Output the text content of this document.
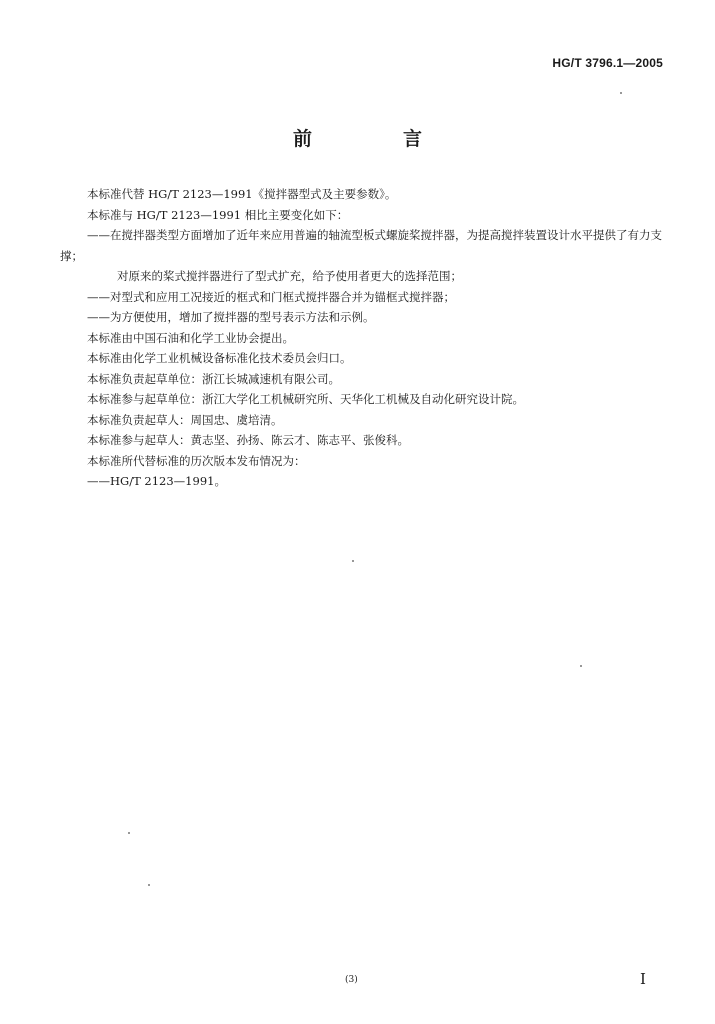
HG/T 3796.1—2005
前　言

本标准代替 HG/T 2123—1991《搅拌器型式及主要参数》。

本标准与 HG/T 2123—1991 相比主要变化如下：

——在搅拌器类型方面增加了近年来应用普遍的轴流型板式螺旋桨搅拌器，为提高搅拌装置设计水平提供了有力支撑；

对原来的桨式搅拌器进行了型式扩充，给予使用者更大的选择范围；

——对型式和应用工况接近的框式和门框式搅拌器合并为锚框式搅拌器；

——为方便使用，增加了搅拌器的型号表示方法和示例。

本标准由中国石油和化学工业协会提出。

本标准由化学工业机械设备标准化技术委员会归口。

本标准负责起草单位：浙江长城减速机有限公司。

本标准参与起草单位：浙江大学化工机械研究所、天华化工机械及自动化研究设计院。

本标准负责起草人：周国忠、虞培清。

本标准参与起草人：黄志坚、孙扬、陈云才、陈志平、张俊科。

本标准所代替标准的历次版本发布情况为：

——HG/T 2123—1991。

(3)	I
